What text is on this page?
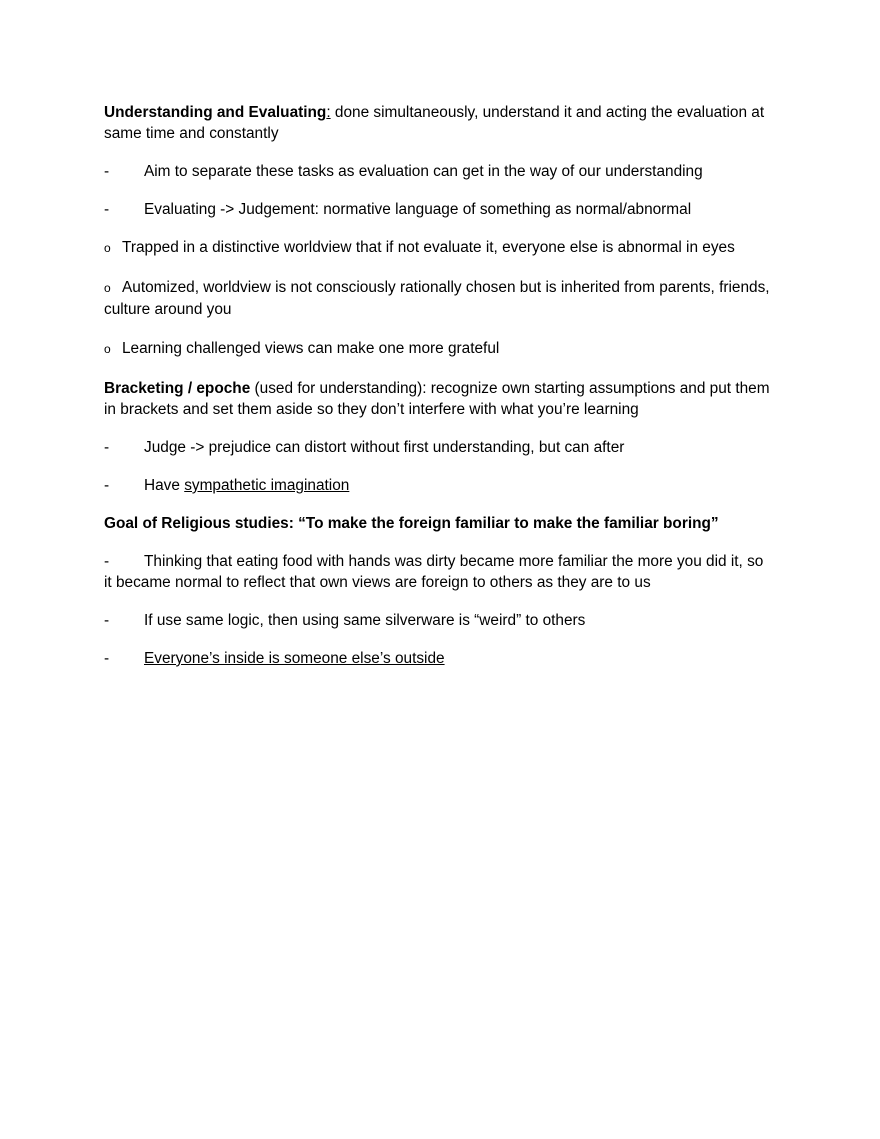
Understanding and Evaluating: done simultaneously, understand it and acting the evaluation at same time and constantly

- Aim to separate these tasks as evaluation can get in the way of our understanding
- Evaluating -> Judgement: normative language of something as normal/abnormal
o Trapped in a distinctive worldview that if not evaluate it, everyone else is abnormal in eyes
o Automized, worldview is not consciously rationally chosen but is inherited from parents, friends, culture around you
o Learning challenged views can make one more grateful

Bracketing / epoche (used for understanding): recognize own starting assumptions and put them in brackets and set them aside so they don’t interfere with what you’re learning

- Judge -> prejudice can distort without first understanding, but can after
- Have sympathetic imagination

Goal of Religious studies: “To make the foreign familiar to make the familiar boring”

- Thinking that eating food with hands was dirty became more familiar the more you did it, so it became normal to reflect that own views are foreign to others as they are to us
- If use same logic, then using same silverware is “weird” to others
- Everyone’s inside is someone else’s outside
